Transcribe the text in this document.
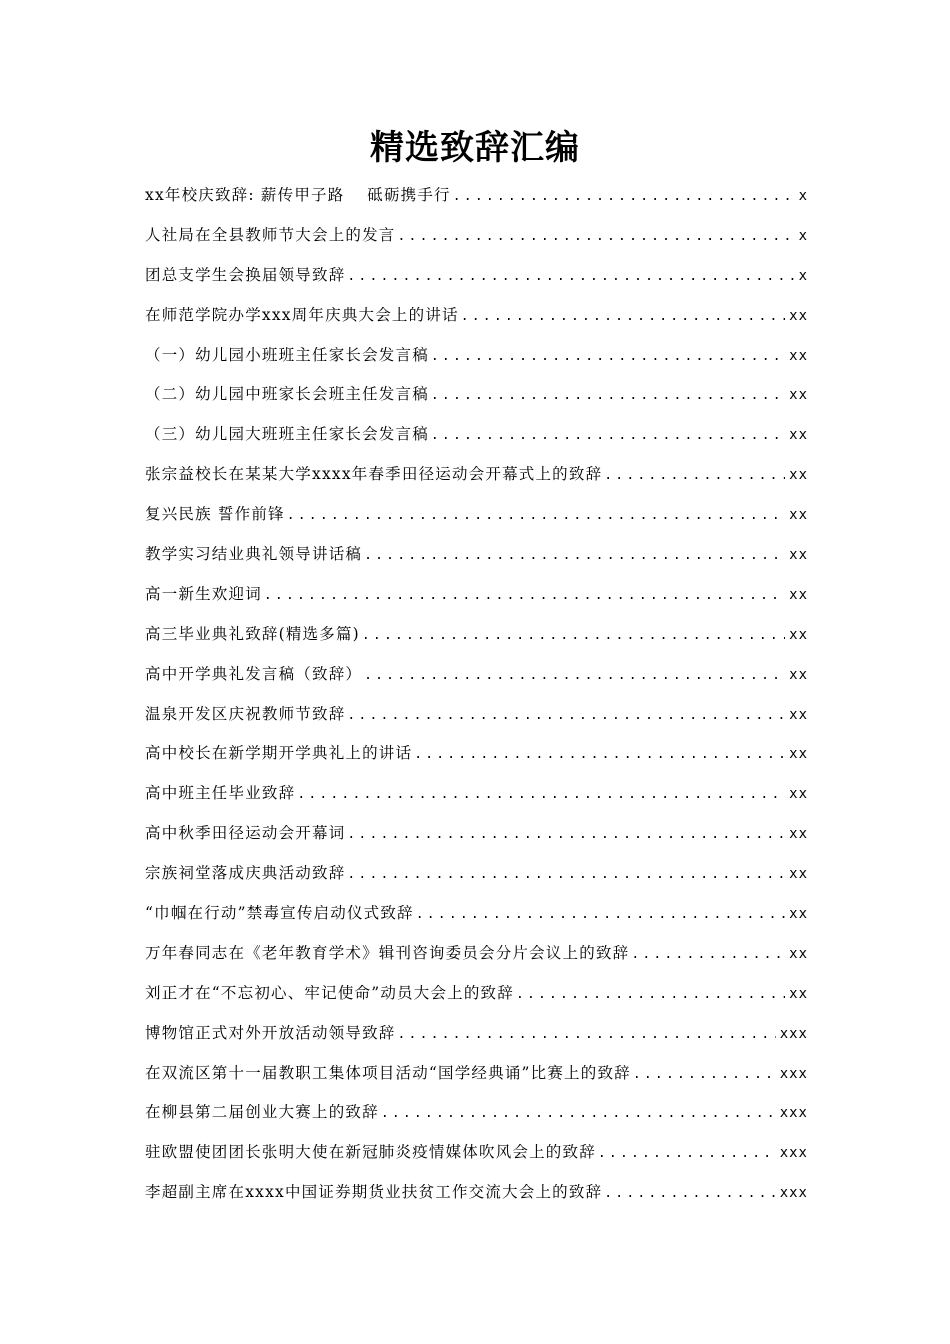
精选致辞汇编
xx年校庆致辞: 薪传甲子路　 砥砺携手行 .....	x
人社局在全县教师节大会上的发言 .....	x
团总支学生会换届领导致辞 .....	x
在师范学院办学xxx周年庆典大会上的讲话 .....	xx
（一）幼儿园小班班主任家长会发言稿 .....	xx
（二）幼儿园中班家长会班主任发言稿 .....	xx
（三）幼儿园大班班主任家长会发言稿 .....	xx
张宗益校长在某某大学xxxx年春季田径运动会开幕式上的致辞 .....	xx
复兴民族 誓作前锋 .....	xx
教学实习结业典礼领导讲话稿 .....	xx
高一新生欢迎词 .....	xx
高三毕业典礼致辞(精选多篇) .....	xx
高中开学典礼发言稿（致辞） .....	xx
温泉开发区庆祝教师节致辞 .....	xx
高中校长在新学期开学典礼上的讲话 .....	xx
高中班主任毕业致辞 .....	xx
高中秋季田径运动会开幕词 .....	xx
宗族祠堂落成庆典活动致辞 .....	xx
“巾帼在行动”禁毒宣传启动仪式致辞 .....	xx
万年春同志在《老年教育学术》辑刊咨询委员会分片会议上的致辞 .....	xx
刘正才在“不忘初心、牢记使命”动员大会上的致辞 .....	xx
博物馆正式对外开放活动领导致辞 .....	xxx
在双流区第十一届教职工集体项目活动“国学经典诵”比赛上的致辞 .....	xxx
在柳县第二届创业大赛上的致辞 .....	xxx
驻欧盟使团团长张明大使在新冠肺炎疫情媒体吹风会上的致辞 .....	xxx
李超副主席在xxxx中国证券期货业扶贫工作交流大会上的致辞 .....	xxx
